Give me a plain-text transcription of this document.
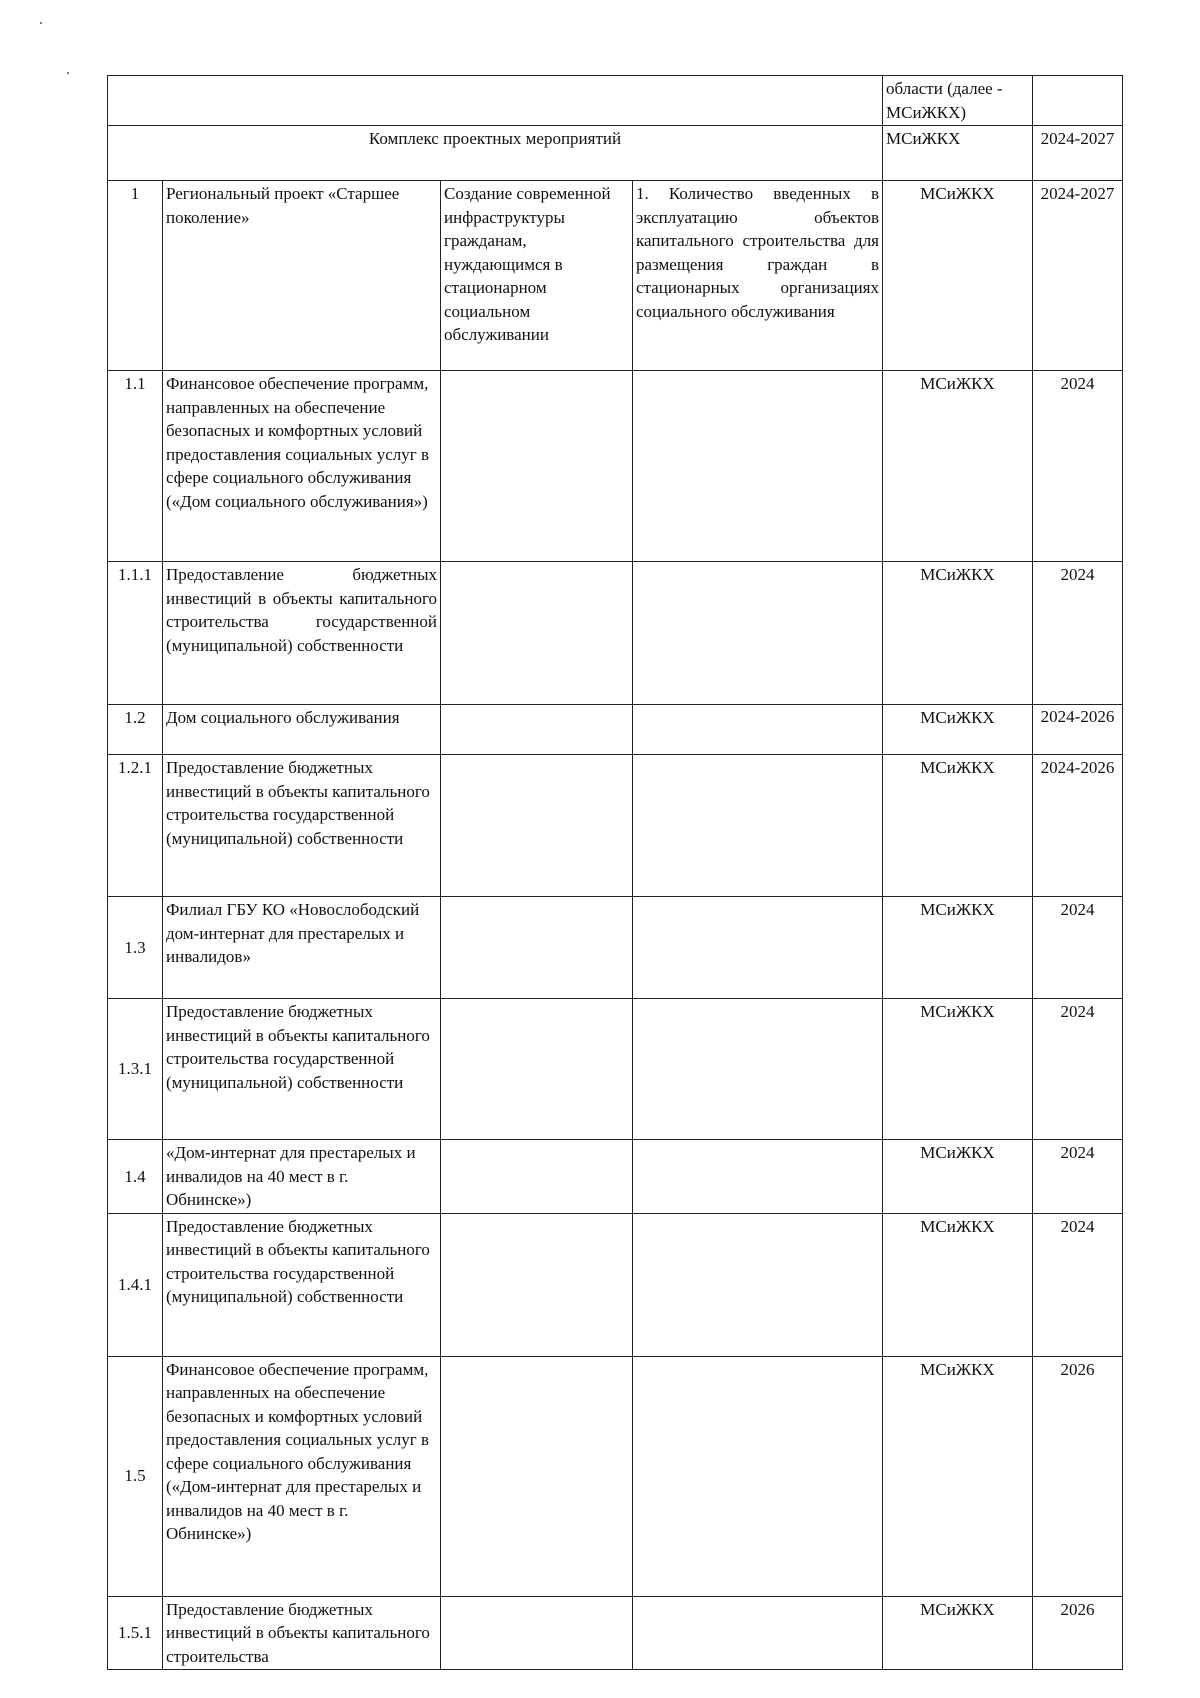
				области (далее - МСиЖКХ)	
Комплекс проектных мероприятий				МСиЖКХ	2024-2027
1	Региональный проект «Старшее поколение»	Создание современной инфраструктуры гражданам, нуждающимся в стационарном социальном обслуживании	1. Количество введенных в эксплуатацию объектов капитального строительства для размещения граждан в стационарных организациях социального обслуживания	МСиЖКХ	2024-2027
1.1	Финансовое обеспечение программ, направленных на обеспечение безопасных и комфортных условий предоставления социальных услуг в сфере социального обслуживания («Дом социального обслуживания»)			МСиЖКХ	2024
1.1.1	Предоставление бюджетных инвестиций в объекты капитального строительства государственной (муниципальной) собственности			МСиЖКХ	2024
1.2	Дом социального обслуживания			МСиЖКХ	2024-2026
1.2.1	Предоставление бюджетных инвестиций в объекты капитального строительства государственной (муниципальной) собственности			МСиЖКХ	2024-2026
1.3	Филиал ГБУ КО «Новослободский дом-интернат для престарелых и инвалидов»			МСиЖКХ	2024
1.3.1	Предоставление бюджетных инвестиций в объекты капитального строительства государственной (муниципальной) собственности			МСиЖКХ	2024
1.4	«Дом-интернат для престарелых и инвалидов на 40 мест в г. Обнинске»)			МСиЖКХ	2024
1.4.1	Предоставление бюджетных инвестиций в объекты капитального строительства государственной (муниципальной) собственности			МСиЖКХ	2024
1.5	Финансовое обеспечение программ, направленных на обеспечение безопасных и комфортных условий предоставления социальных услуг в сфере социального обслуживания («Дом-интернат для престарелых и инвалидов на 40 мест в г. Обнинске»)			МСиЖКХ	2026
1.5.1	Предоставление бюджетных инвестиций в объекты капитального строительства			МСиЖКХ	2026
